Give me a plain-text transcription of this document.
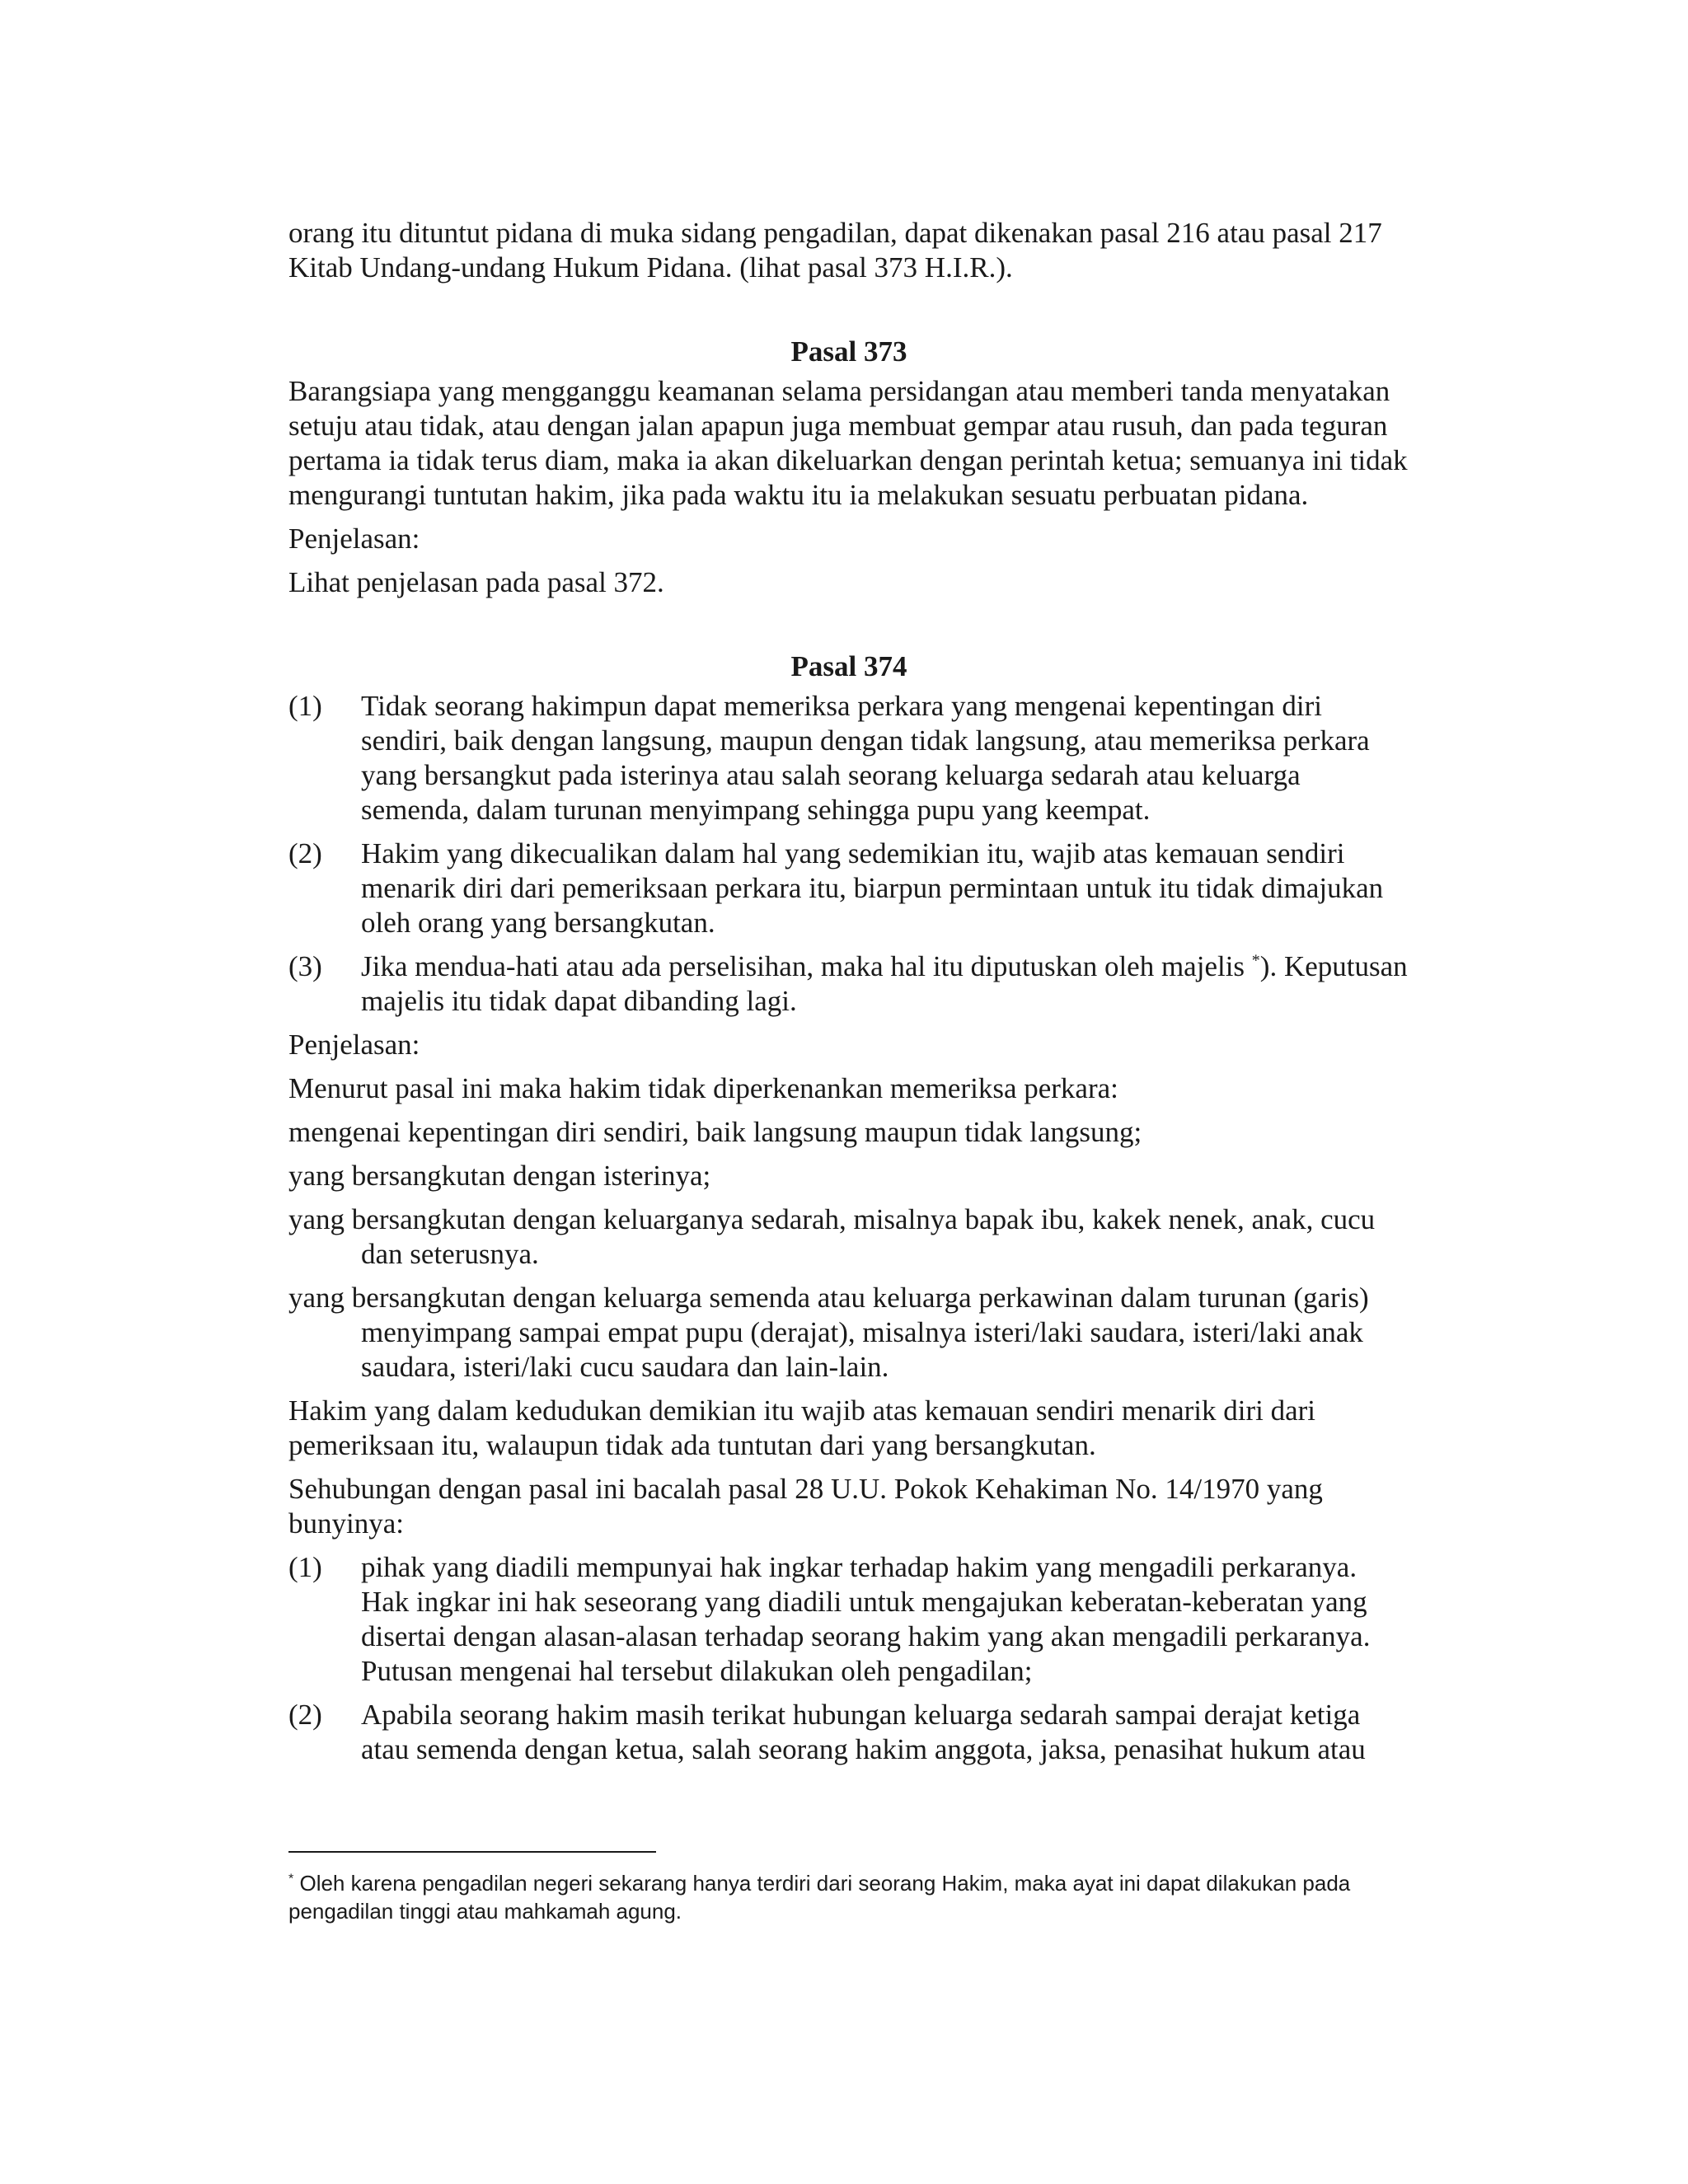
orang itu dituntut pidana di muka sidang pengadilan, dapat dikenakan pasal 216 atau pasal 217 Kitab Undang-undang Hukum Pidana. (lihat pasal 373 H.I.R.).

Pasal 373

Barangsiapa yang mengganggu keamanan selama persidangan atau memberi tanda menyatakan setuju atau tidak, atau dengan jalan apapun juga membuat gempar atau rusuh, dan pada teguran pertama ia tidak terus diam, maka ia akan dikeluarkan dengan perintah ketua; semuanya ini tidak mengurangi tuntutan hakim, jika pada waktu itu ia melakukan sesuatu perbuatan pidana.

Penjelasan:

Lihat penjelasan pada pasal 372.

Pasal 374
(1)	Tidak seorang hakimpun dapat memeriksa perkara yang mengenai kepentingan diri sendiri, baik dengan langsung, maupun dengan tidak langsung, atau memeriksa perkara yang bersangkut pada isterinya atau salah seorang keluarga sedarah atau keluarga semenda, dalam turunan menyimpang sehingga pupu yang keempat.
(2)	Hakim yang dikecualikan dalam hal yang sedemikian itu, wajib atas kemauan sendiri menarik diri dari pemeriksaan perkara itu, biarpun permintaan untuk itu tidak dimajukan oleh orang yang bersangkutan.
(3)	Jika mendua-hati atau ada perselisihan, maka hal itu diputuskan oleh majelis *). Keputusan majelis itu tidak dapat dibanding lagi.

Penjelasan:

Menurut pasal ini maka hakim tidak diperkenankan memeriksa perkara:

mengenai kepentingan diri sendiri, baik langsung maupun tidak langsung;

yang bersangkutan dengan isterinya;

yang bersangkutan dengan keluarganya sedarah, misalnya bapak ibu, kakek nenek, anak, cucu dan seterusnya.

yang bersangkutan dengan keluarga semenda atau keluarga perkawinan dalam turunan (garis) menyimpang sampai empat pupu (derajat), misalnya isteri/laki saudara, isteri/laki anak saudara, isteri/laki cucu saudara dan lain-lain.

Hakim yang dalam kedudukan demikian itu wajib atas kemauan sendiri menarik diri dari pemeriksaan itu, walaupun tidak ada tuntutan dari yang bersangkutan.

Sehubungan dengan pasal ini bacalah pasal 28 U.U. Pokok Kehakiman No. 14/1970 yang bunyinya:

(1)	pihak yang diadili mempunyai hak ingkar terhadap hakim yang mengadili perkaranya. Hak ingkar ini hak seseorang yang diadili untuk mengajukan keberatan-keberatan yang disertai dengan alasan-alasan terhadap seorang hakim yang akan mengadili perkaranya. Putusan mengenai hal tersebut dilakukan oleh pengadilan;
(2)	Apabila seorang hakim masih terikat hubungan keluarga sedarah sampai derajat ketiga atau semenda dengan ketua, salah seorang hakim anggota, jaksa, penasihat hukum atau

* Oleh karena pengadilan negeri sekarang hanya terdiri dari seorang Hakim, maka ayat ini dapat dilakukan pada pengadilan tinggi atau mahkamah agung.
